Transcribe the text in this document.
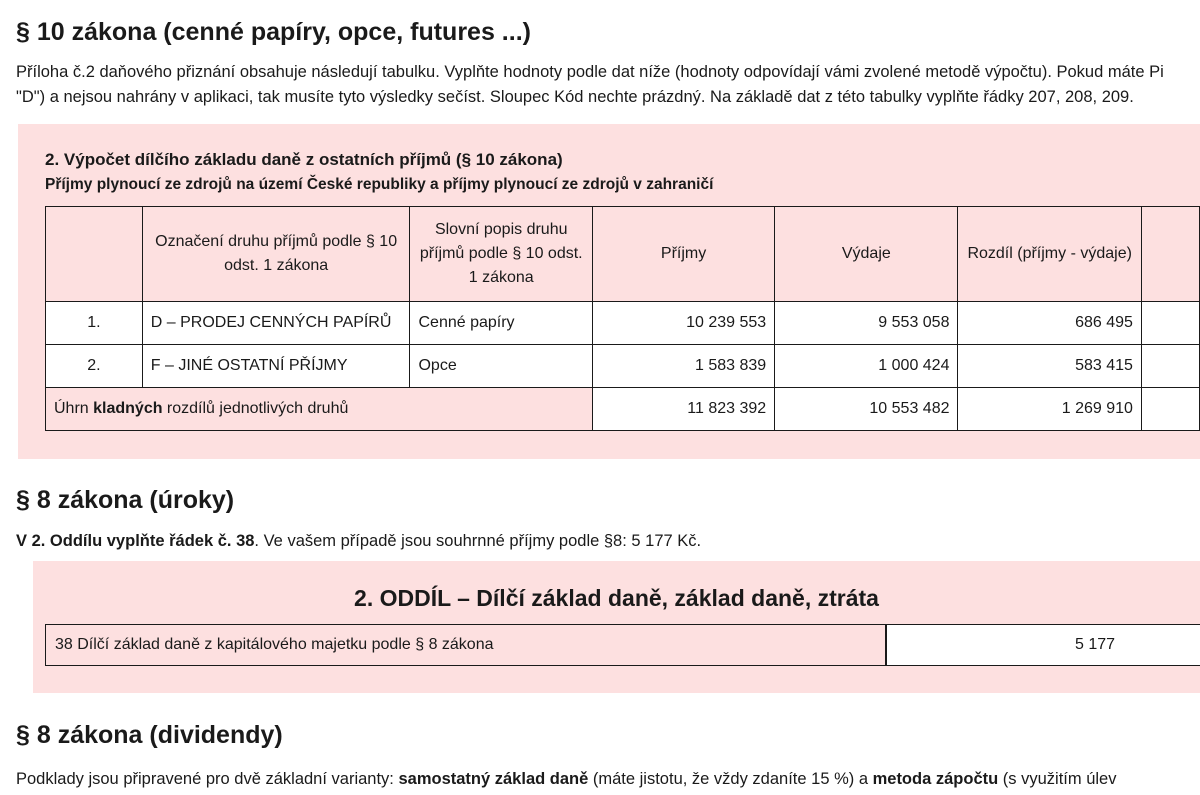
§ 10 zákona (cenné papíry, opce, futures ...)

Příloha č.2 daňového přiznání obsahuje následují tabulku. Vyplňte hodnoty podle dat níže (hodnoty odpovídají vámi zvolené metodě výpočtu). Pokud máte Pi

"D") a nejsou nahrány v aplikaci, tak musíte tyto výsledky sečíst. Sloupec Kód nechte prázdný. Na základě dat z této tabulky vyplňte řádky 207, 208, 209.

2. Výpočet dílčího základu daně z ostatních příjmů (§ 10 zákona)
Příjmy plynoucí ze zdrojů na území České republiky a příjmy plynoucí ze zdrojů v zahraničí
	Označení druhu příjmů podle § 10 odst. 1 zákona	Slovní popis druhu příjmů podle § 10 odst. 1 zákona	Příjmy	Výdaje	Rozdíl (příjmy - výdaje)	
1.	D – PRODEJ CENNÝCH PAPÍRŮ	Cenné papíry	10 239 553	9 553 058	686 495	
2.	F – JINÉ OSTATNÍ PŘÍJMY	Opce	1 583 839	1 000 424	583 415	
Úhrn kladných rozdílů jednotlivých druhů			11 823 392	10 553 482	1 269 910	
§ 8 zákona (úroky)

V 2. Oddílu vyplňte řádek č. 38. Ve vašem případě jsou souhrnné příjmy podle §8: 5 177 Kč.

2. ODDÍL – Dílčí základ daně, základ daně, ztráta
38 Dílčí základ daně z kapitálového majetku podle § 8 zákona	5 177
§ 8 zákona (dividendy)

Podklady jsou připravené pro dvě základní varianty: samostatný základ daně (máte jistotu, že vždy zdaníte 15 %) a metoda zápočtu (s využitím úlev
